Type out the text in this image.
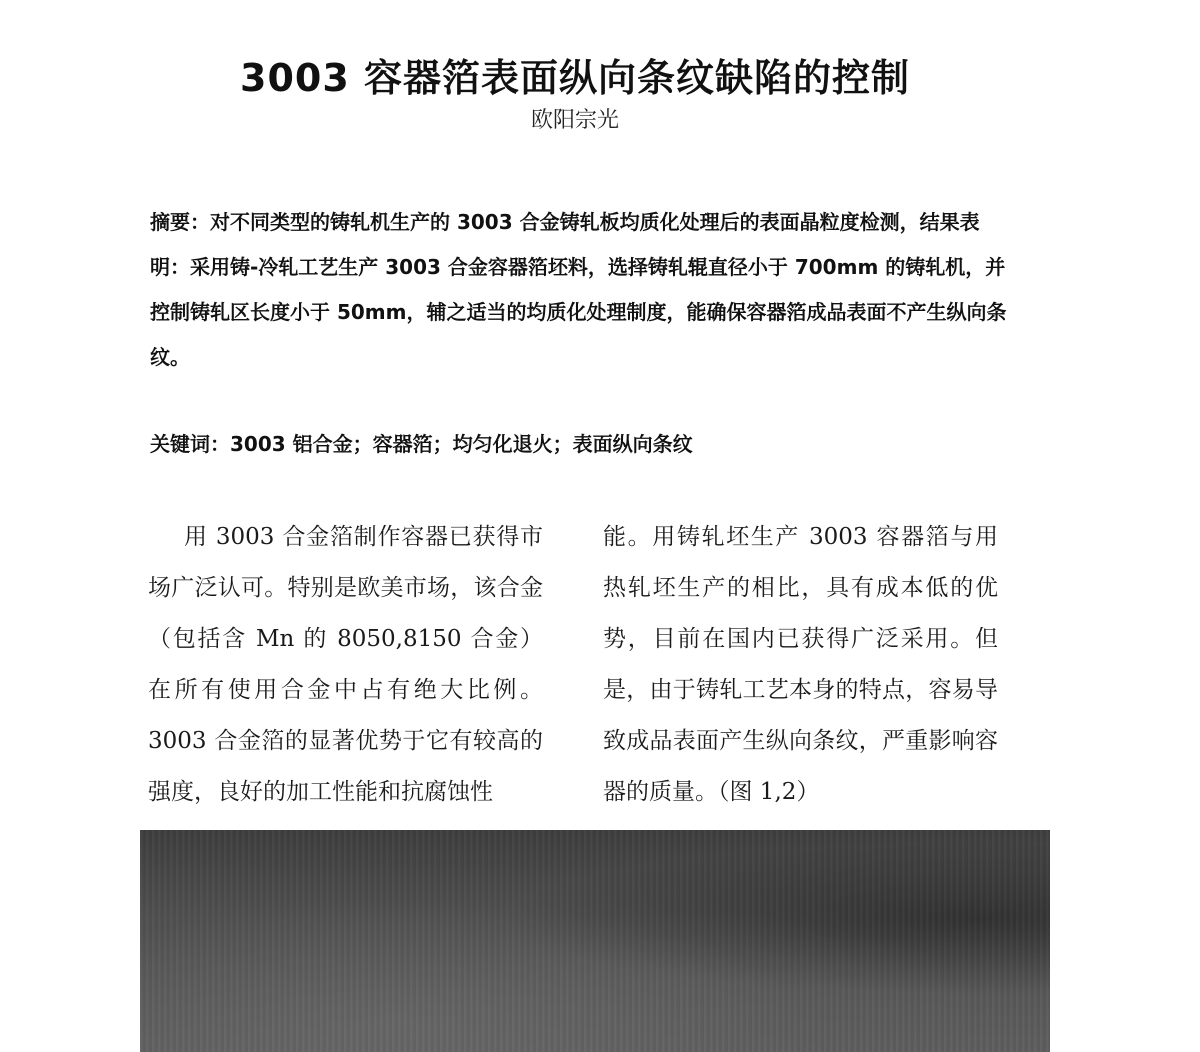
3003 容器箔表面纵向条纹缺陷的控制
欧阳宗光

摘要：对不同类型的铸轧机生产的 3003 合金铸轧板均质化处理后的表面晶粒度检测，结果表明：采用铸-冷轧工艺生产 3003 合金容器箔坯料，选择铸轧辊直径小于 700mm 的铸轧机，并控制铸轧区长度小于 50mm，辅之适当的均质化处理制度，能确保容器箔成品表面不产生纵向条纹。

关键词：3003 铝合金；容器箔；均匀化退火；表面纵向条纹

用 3003 合金箔制作容器已获得市场广泛认可。特别是欧美市场，该合金（包括含 Mn 的 8050,8150 合金）在所有使用合金中占有绝大比例。3003 合金箔的显著优势于它有较高的强度，良好的加工性能和抗腐蚀性

能。用铸轧坯生产 3003 容器箔与用热轧坯生产的相比，具有成本低的优势，目前在国内已获得广泛采用。但是，由于铸轧工艺本身的特点，容易导致成品表面产生纵向条纹，严重影响容器的质量。（图 1,2）
